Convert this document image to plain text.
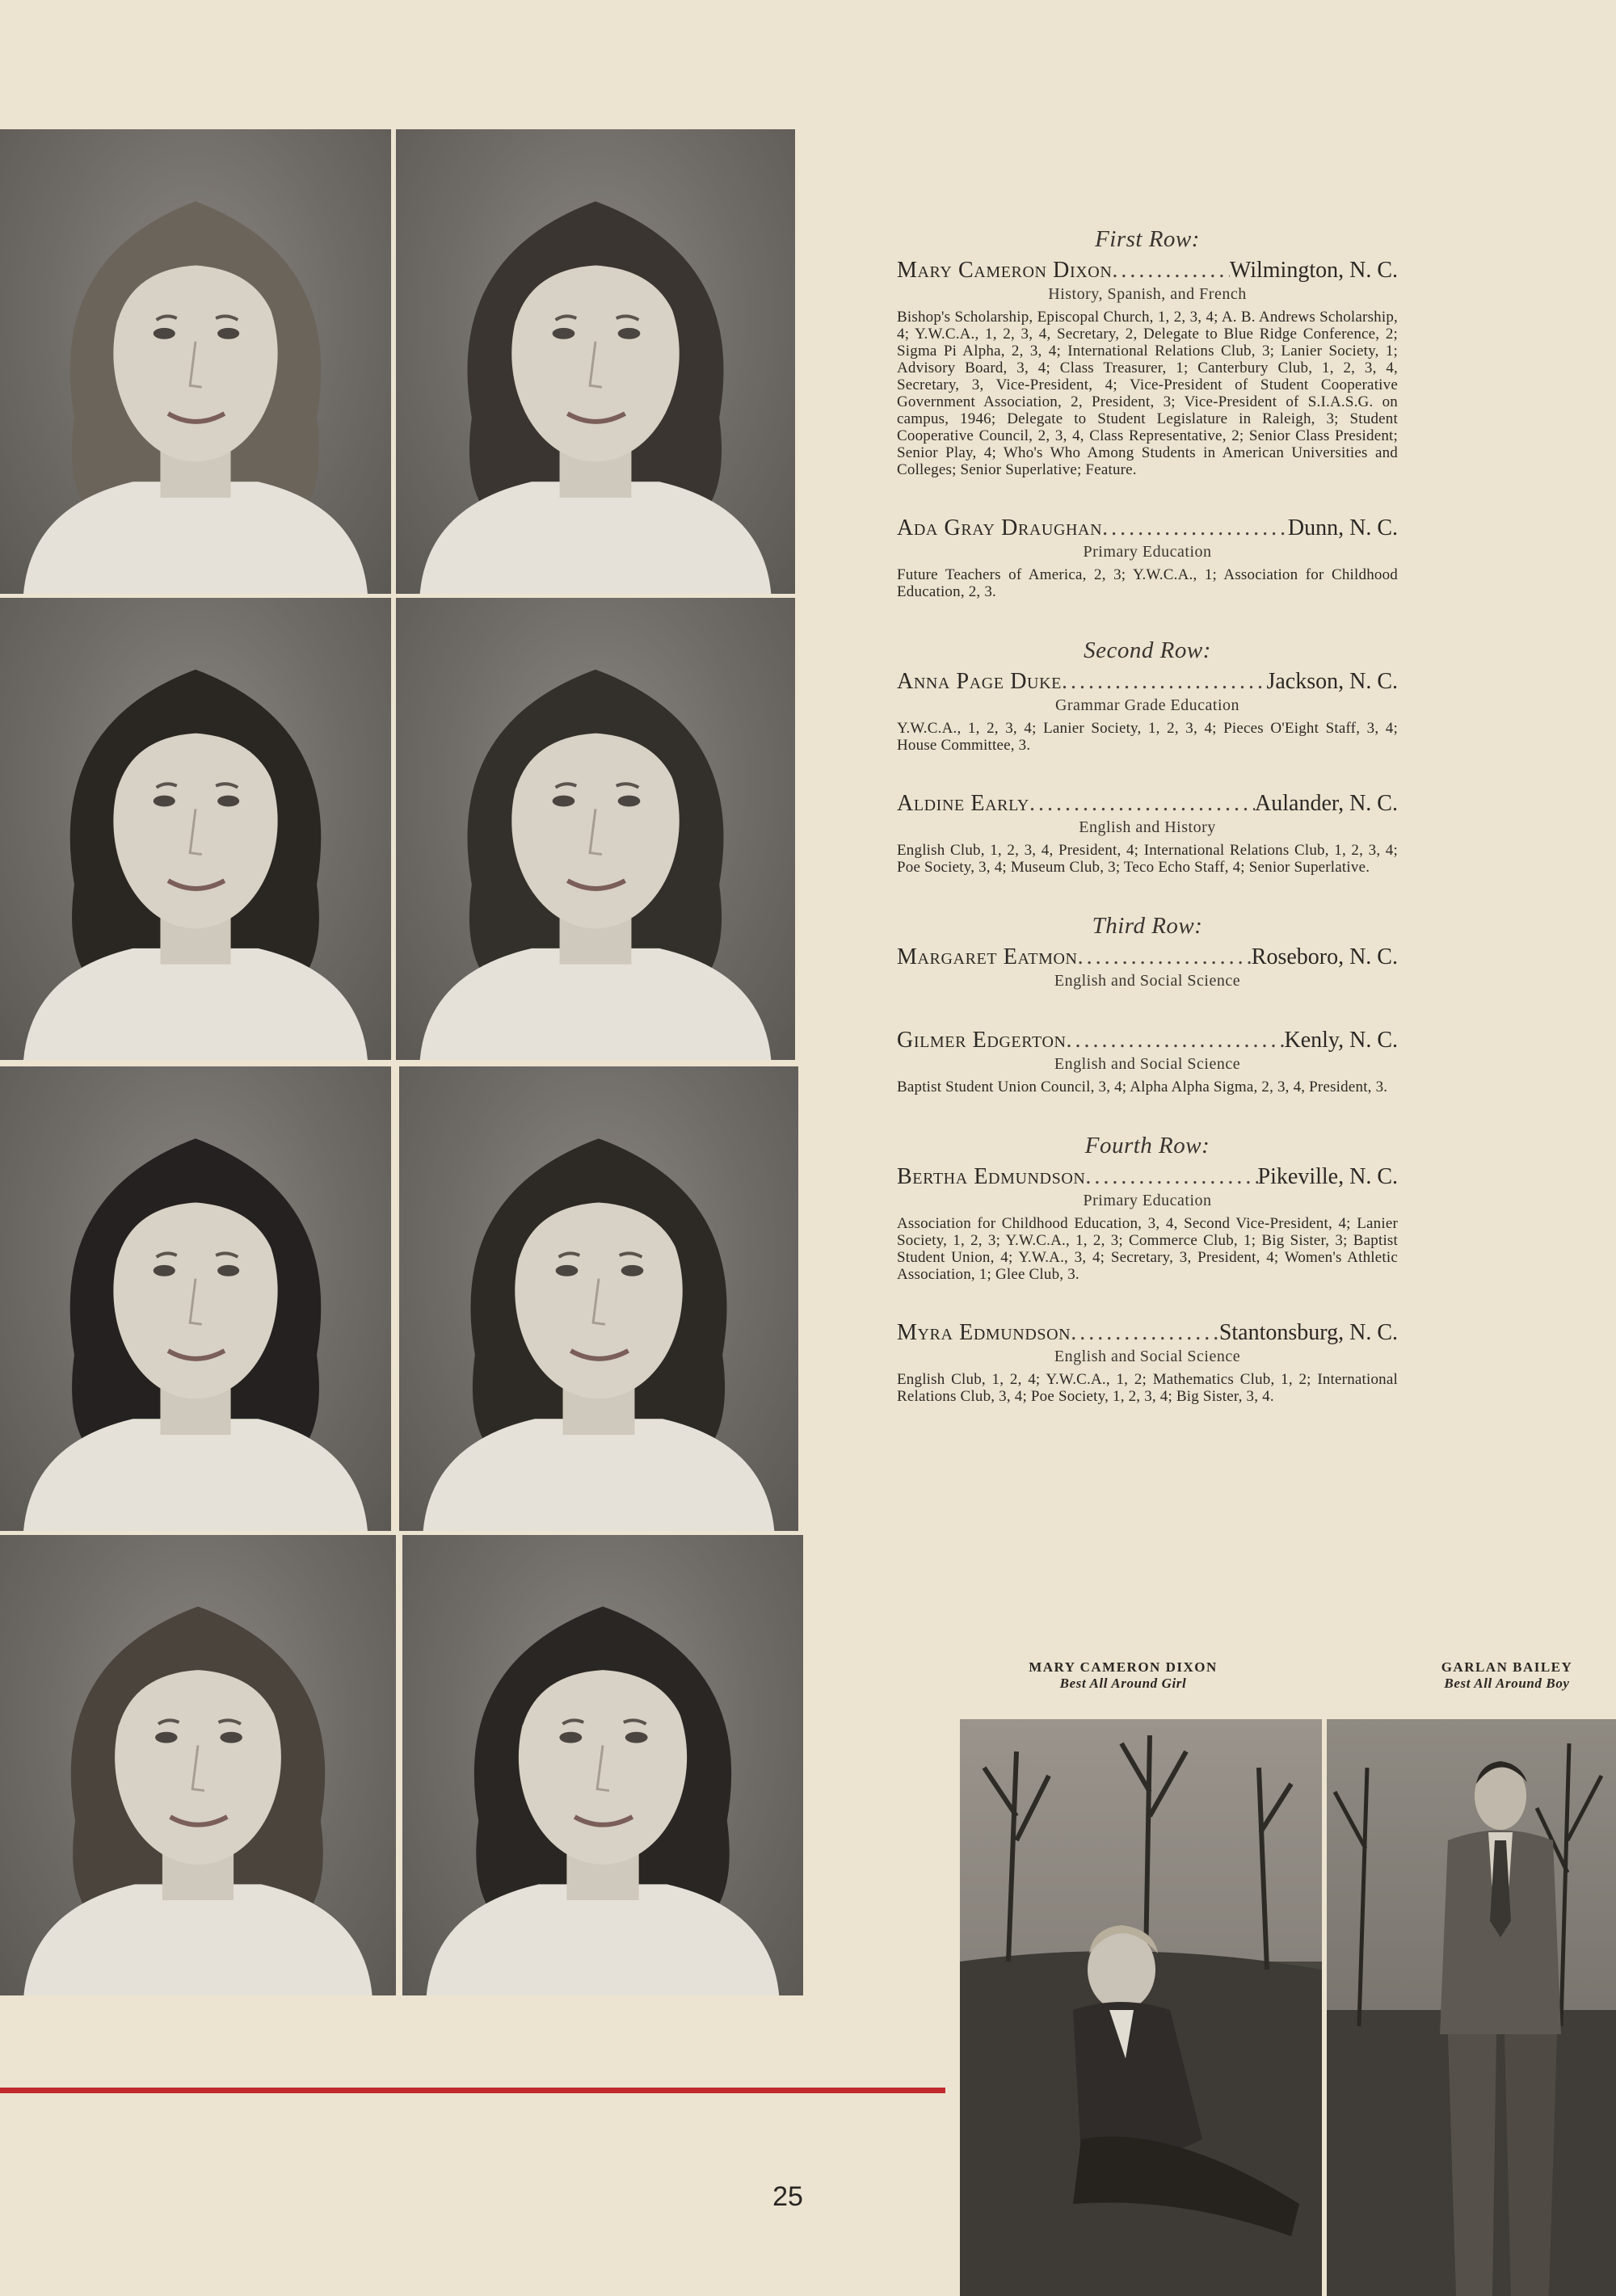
First Row:
Mary Cameron Dixon .....	Wilmington, N. C.
History, Spanish, and French

Bishop's Scholarship, Episcopal Church, 1, 2, 3, 4; A. B. Andrews Scholarship, 4; Y.W.C.A., 1, 2, 3, 4, Secretary, 2, Delegate to Blue Ridge Conference, 2; Sigma Pi Alpha, 2, 3, 4; International Relations Club, 3; Lanier Society, 1; Advisory Board, 3, 4; Class Treasurer, 1; Canterbury Club, 1, 2, 3, 4, Secretary, 3, Vice-President, 4; Vice-President of Student Cooperative Government Association, 2, President, 3; Vice-President of S.I.A.S.G. on campus, 1946; Delegate to Student Legislature in Raleigh, 3; Student Cooperative Council, 2, 3, 4, Class Representative, 2; Senior Class President; Senior Play, 4; Who's Who Among Students in American Universities and Colleges; Senior Superlative; Feature.

Ada Gray Draughan .....	Dunn, N. C.
Primary Education

Future Teachers of America, 2, 3; Y.W.C.A., 1; Association for Childhood Education, 2, 3.

Second Row:
Anna Page Duke .....	Jackson, N. C.
Grammar Grade Education

Y.W.C.A., 1, 2, 3, 4; Lanier Society, 1, 2, 3, 4; Pieces O'Eight Staff, 3, 4; House Committee, 3.

Aldine Early .....	Aulander, N. C.
English and History

English Club, 1, 2, 3, 4, President, 4; International Relations Club, 1, 2, 3, 4; Poe Society, 3, 4; Museum Club, 3; Teco Echo Staff, 4; Senior Superlative.

Third Row:
Margaret Eatmon .....	Roseboro, N. C.
English and Social Science

Gilmer Edgerton .....	Kenly, N. C.
English and Social Science

Baptist Student Union Council, 3, 4; Alpha Alpha Sigma, 2, 3, 4, President, 3.

Fourth Row:
Bertha Edmundson .....	Pikeville, N. C.
Primary Education

Association for Childhood Education, 3, 4, Second Vice-President, 4; Lanier Society, 1, 2, 3; Y.W.C.A., 1, 2, 3; Commerce Club, 1; Big Sister, 3; Baptist Student Union, 4; Y.W.A., 3, 4; Secretary, 3, President, 4; Women's Athletic Association, 1; Glee Club, 3.

Myra Edmundson .....	Stantonsburg, N. C.
English and Social Science

English Club, 1, 2, 4; Y.W.C.A., 1, 2; Mathematics Club, 1, 2; International Relations Club, 3, 4; Poe Society, 1, 2, 3, 4; Big Sister, 3, 4.

MARY CAMERON DIXON
Best All Around Girl
GARLAN BAILEY
Best All Around Boy
25
